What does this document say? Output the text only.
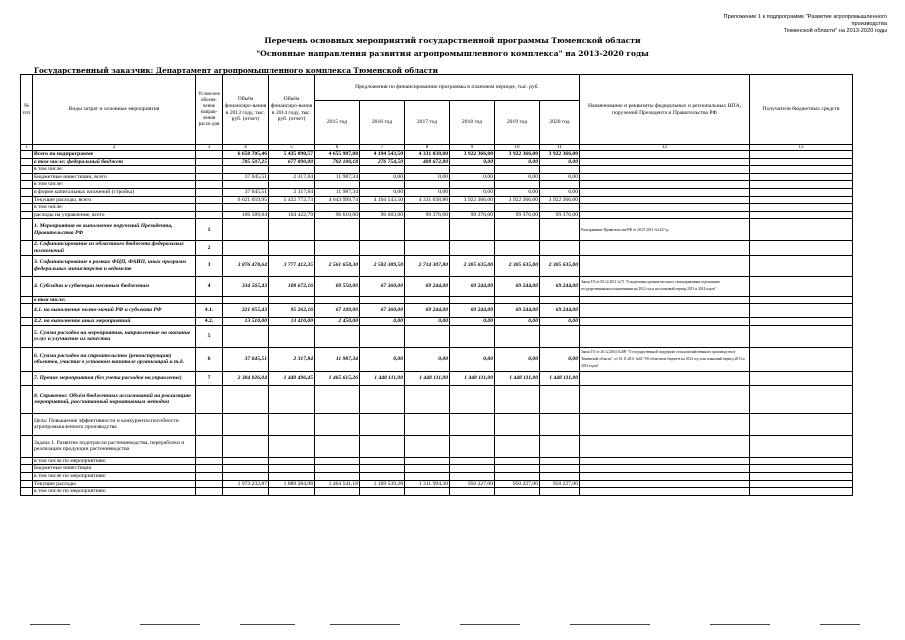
Приложение 1 к подпрограмме "Развитие агропромышленного производства
Тюменской области" на 2013-2020 годы
Перечень основных мероприятий государственной программы Тюменской области
"Основные направления развития агропромышленного комплекса" на 2013-2020 годы
Государственный заказчик: Департамент агропромышленного комплекса Тюменской области
№ п/п	Виды затрат и основные мероприятия	Услов-ное обозна-чение направ-ления расхо-дов	Объём финансиро-вания в 2013 году, тыс. руб. (отчет)	Объём финансиро-вания в 2014 году, тыс. руб. (отчет)	Предложения по финансированию программы в плановом периоде, тыс. руб.						Наименование и реквизиты федеральных и региональных НПА, поручений Президента и Правительства РФ	Получатели бюджетных средств
					2015 год	2016 год	2017 год	2018 год	2019 год	2020 год		
1	2	3	4	5	6	7	8	9	10	11	12	13
	Всего по подпрограмме		6 658 705,46	5 435 090,57	4 655 987,08	4 194 543,50	4 331 038,80	3 922 366,00	3 922 366,00	3 922 366,00		
	в том числе: федеральный бюджет		785 507,25	677 890,00	702 100,18	276 754,50	408 672,80	0,00	0,00	0,00		
	в том числе:											
	Бюджетные инвестиции, всего		37 045,51	2 317,84	11 987,34	0,00	0,00	0,00	0,00	0,00		
	в том числе:											
	в форме капитальных вложений (стройка)		37 045,51	2 317,84	11 987,34	0,00	0,00	0,00	0,00	0,00		
	Текущие расходы, всего		6 621 659,95	5 432 772,73	4 643 999,74	4 194 543,50	4 331 038,80	3 922 366,00	3 922 366,00	3 922 366,00		
	в том числе:											
	расходы на управление, всего		106 589,84	104 422,79	96 610,00	96 683,00	99 376,00	99 376,00	99 376,00	99 376,00		
	1. Мероприятия во выполнение поручений Президента, Правительства РФ	1									Распоряжение Правительства РФ от 20.07.2013 №1247-р;	
	2. Софинансирование из областного бюджета федеральных полномочий	2										
	3. Софинансирование в рамках ФЦП, ФАИП, иных программ федеральных министерств и ведомств	3	3 876 478,64	3 777 412,35	2 561 658,30	2 582 389,50	2 714 307,80	2 305 635,00	2 305 635,00	2 305 635,00		
	4. Субсидии и субвенции местным бюджетам	4	334 565,43	108 672,16	69 550,00	67 360,00	69 244,00	69 244,00	69 244,00	69 244,00	Закон ТО от 05.12.2011 №71 "О наделении органов местного самоуправления отдельными государственными полномочиями на 2012 год и на плановый период 2013 и 2014 годов"	
	в том числе:											
	4.1. на выполнение полно-мочий РФ и субъекта РФ	4.1.	321 055,43	95 262,16	67 100,00	67 360,00	69 244,00	69 244,00	69 244,00	69 244,00		
	4.2. на выполнение иных мероприятий	4.2.	13 510,00	13 410,00	2 450,00	0,00	0,00	0,00	0,00	0,00		
	5. Сумма расходов на мероприятия, направленные на оказание услуг и улучшение их качества	5										
	6. Сумма расходов на строительство (реконструкцию) объектов, участие в уставном капитале организаций и т.д.	6	37 045,51	2 317,84	11 987,34	0,00	0,00	0,00	0,00	0,00	Закон ТО от 26.12.2004 №309 "О государственной поддержке сельскохозяйственного производства в Тюменской области", от 01.11.2011 №65 "Об областном бюджете на 2012 год и на плановый период 2013 и 2014 годов"	
	7. Прочие мероприятия (без учета расходов на управление)	7	2 304 026,04	1 440 496,45	1 465 615,26	1 448 111,00	1 448 111,00	1 448 111,00	1 448 111,00	1 448 111,00		
	8. Справочно: Объём бюджетных ассигнований на реализацию мероприятий, рассчитанный нормативным методом											
	Цель: Повышение эффективности и конкурентоспособности агропромышленного производства											
	Задача 1. Развитие подотрасли растениеводства, переработки и реализации продукции растениеводства											
	в том числе по мероприятиям:											
	Бюджетные инвестиции											
	в том числе по мероприятиям:											
	Текущие расходы		1 973 232,87	1 889 284,98	1 464 541,18	1 169 539,20	1 311 994,30	950 227,00	950 227,00	950 227,00		
	в том числе по мероприятиям:											
